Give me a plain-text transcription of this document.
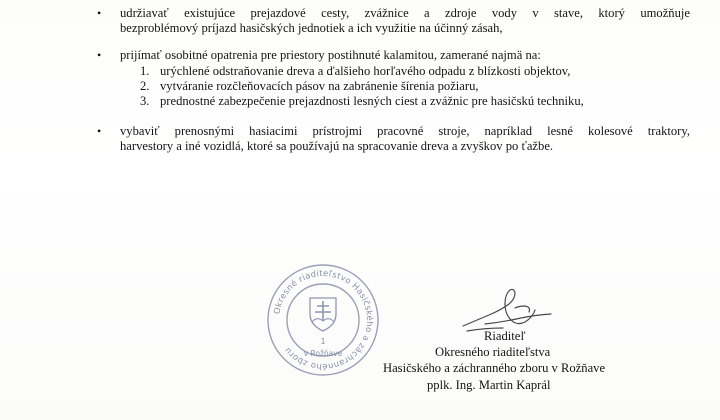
• udržiavať existujúce prejazdové cesty, zvážnice a zdroje vody v stave, ktorý umožňuje
bezproblémový príjazd hasičských jednotiek a ich využitie na účinný zásah,
• prijímať osobitné opatrenia pre priestory postihnuté kalamitou, zamerané najmä na:
1. urýchlené odstraňovanie dreva a ďalšieho horľavého odpadu z blízkosti objektov,
2. vytváranie rozčleňovacích pásov na zabránenie šírenia požiaru,
3. prednostné zabezpečenie prejazdnosti lesných ciest a zvážnic pre hasičskú techniku,
• vybaviť prenosnými hasiacimi prístrojmi pracovné stroje, napríklad lesné kolesové traktory,
harvestory a iné vozidlá, ktoré sa používajú na spracovanie dreva a zvyškov po ťažbe.
Okresné riaditeľstvo Hasičského a záchranného zboru
1
v Rožňave
Riaditeľ
Okresného riaditeľstva
Hasičského a záchranného zboru v Rožňave
pplk. Ing. Martin Kaprál
